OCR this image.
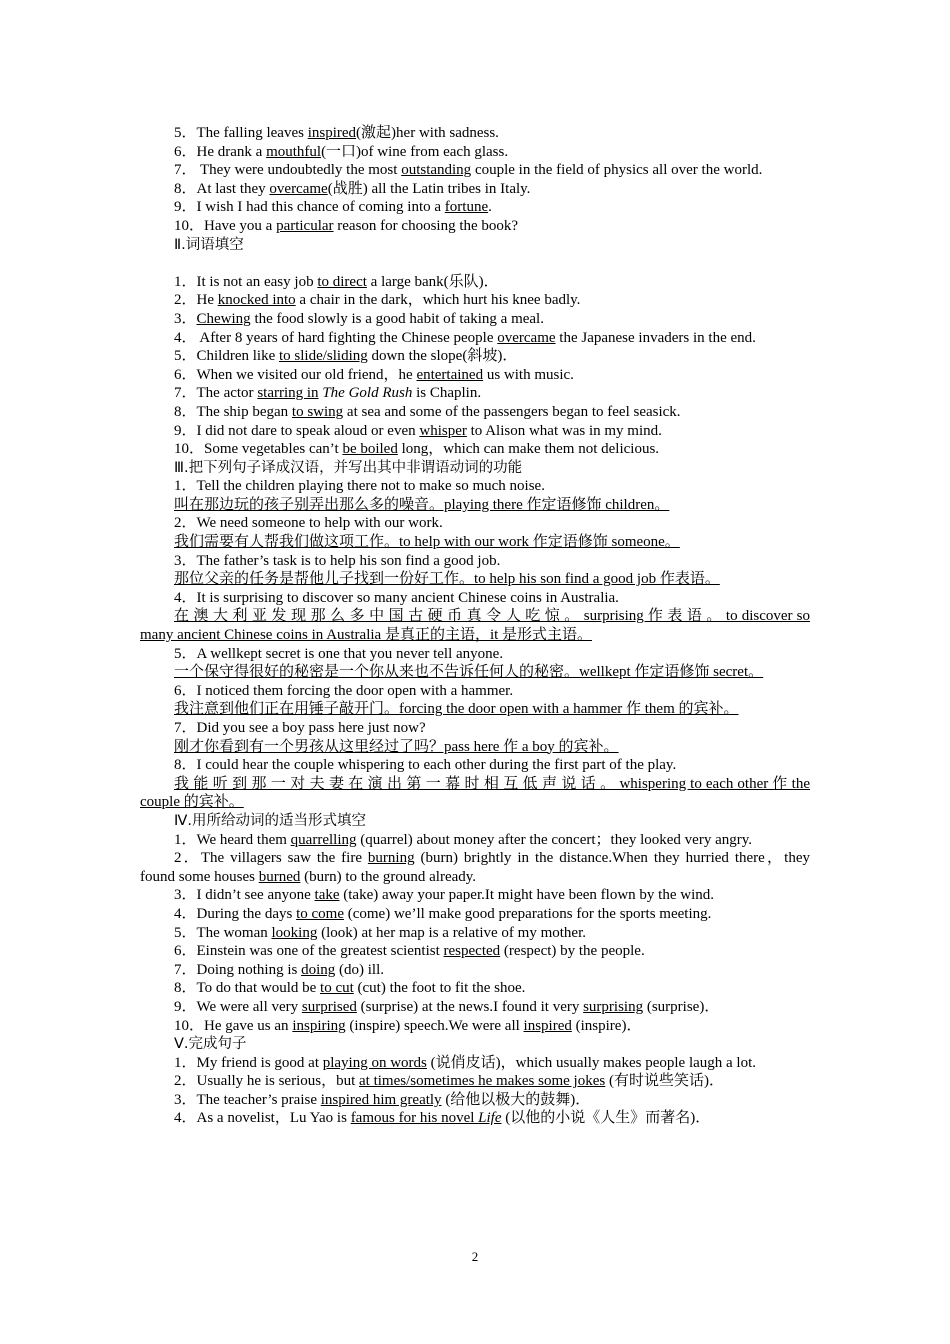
5．The falling leaves inspired(激起)her with sadness.

6．He drank a mouthful(一口)of wine from each glass.

7． They were undoubtedly the most outstanding couple in the field of physics all over the world.

8．At last they overcame(战胜) all the Latin tribes in Italy.

9．I wish I had this chance of coming into a fortune.

10．Have you a particular reason for choosing the book?

Ⅱ.词语填空

1．It is not an easy job to direct a large bank(乐队)．

2．He knocked into a chair in the dark，which hurt his knee badly.

3．Chewing the food slowly is a good habit of taking a meal.

4． After 8 years of hard fighting the Chinese people overcame the Japanese invaders in the end.

5．Children like to slide/sliding down the slope(斜坡)．

6．When we visited our old friend，he entertained us with music.

7．The actor starring in The Gold Rush is Chaplin.

8．The ship began to swing at sea and some of the passengers began to feel seasick.

9．I did not dare to speak aloud or even whisper to Alison what was in my mind.

10．Some vegetables can’t be boiled long，which can make them not delicious.

Ⅲ.把下列句子译成汉语，并写出其中非谓语动词的功能

1．Tell the children playing there not to make so much noise.

叫在那边玩的孩子别弄出那么多的噪音。playing there 作定语修饰 children。

2．We need someone to help with our work.

我们需要有人帮我们做这项工作。to help with our work 作定语修饰 someone。

3．The father’s task is to help his son find a good job.

那位父亲的任务是帮他儿子找到一份好工作。to help his son find a good job 作表语。

4．It is surprising to discover so many ancient Chinese coins in Australia.

在 澳 大 利 亚 发 现 那 么 多 中 国 古 硬 币 真 令 人 吃 惊 。 surprising 作 表 语 。 to discover so many ancient Chinese coins in Australia 是真正的主语，it 是形式主语。

5．A wellkept secret is one that you never tell anyone.

一个保守得很好的秘密是一个你从来也不告诉任何人的秘密。wellkept 作定语修饰 secret。

6．I noticed them forcing the door open with a hammer.

我注意到他们正在用锤子敲开门。forcing the door open with a hammer 作 them 的宾补。

7．Did you see a boy pass here just now?

刚才你看到有一个男孩从这里经过了吗？pass here 作 a boy 的宾补。

8．I could hear the couple whispering to each other during the first part of the play.

我 能 听 到 那 一 对 夫 妻 在 演 出 第 一 幕 时 相 互 低 声 说 话 。 whispering to each other 作 the couple 的宾补。

Ⅳ.用所给动词的适当形式填空

1．We heard them quarrelling (quarrel) about money after the concert；they looked very angry.

2．The villagers saw the fire burning (burn) brightly in the distance.When they hurried there，they found some houses burned (burn) to the ground already.

3．I didn’t see anyone take (take) away your paper.It might have been flown by the wind.

4．During the days to come (come) we’ll make good preparations for the sports meeting.

5．The woman looking (look) at her map is a relative of my mother.

6．Einstein was one of the greatest scientist respected (respect) by the people.

7．Doing nothing is doing (do) ill.

8．To do that would be to cut (cut) the foot to fit the shoe.

9．We were all very surprised (surprise) at the news.I found it very surprising (surprise)．

10．He gave us an inspiring (inspire) speech.We were all inspired (inspire)．

Ⅴ.完成句子

1．My friend is good at playing on words (说俏皮话)，which usually makes people laugh a lot.

2．Usually he is serious，but at times/sometimes he makes some jokes (有时说些笑话)．

3．The teacher’s praise inspired him greatly (给他以极大的鼓舞)．

4．As a novelist，Lu Yao is famous for his novel Life (以他的小说《人生》而著名)．

2
